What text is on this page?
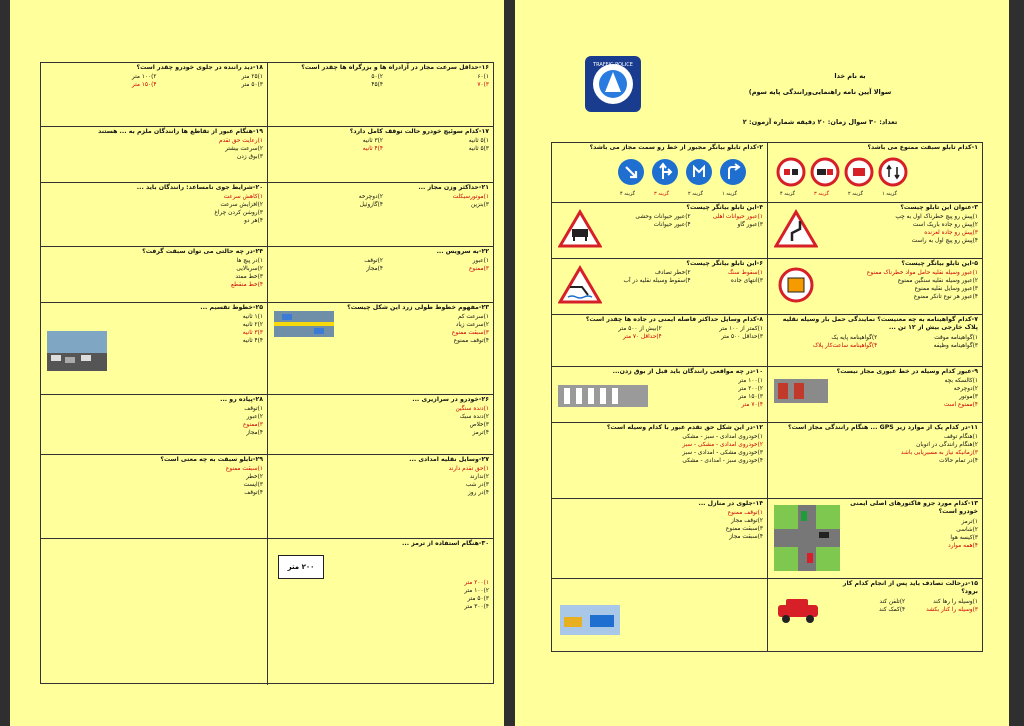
TRAFFIC POLICE
به نام خدا
سوالا آیین نامه راهنمایی‌ورانندگی پایه سوم)
تعداد: ۳۰ سوال زمان: ۲۰ دقیقه شماره آزمون: ۲

۱-کدام تابلو سبقت ممنوع می باشد؟

گزینه ۴	گزینه ۳	گزینه ۲	گزینه ۱

۲-کدام تابلو بیانگر مجبور از خط رو سمت مجاز می باشد؟

گزینه ۴	گزینه ۳	گزینه ۲	گزینه ۱

۳-عنوان این تابلو چیست؟

۱)پیش رو پیچ خطرناک اول به چپ
۲)پیش رو جاده باریک است
۳)پیش رو جاده لغزنده
۴)پیش رو پیچ اول به راست

۴-این تابلو بیانگر چیست؟

۱)عبور حیوانات اهلی ۲)عبور حیوانات وحشی ۳)عبور گاو ۴)عبور حیوانات

۵-این تابلو بیانگر چیست؟

۱)عبور وسیله نقلیه حامل مواد خطرناک ممنوع
۲)عبور وسیله نقلیه سنگین ممنوع
۳)عبور وسایل نقلیه ممنوع
۴)عبور هر نوع تانکر ممنوع

۶-این تابلو بیانگر چیست؟

۱)سقوط سنگ ۲)خطر تصادف ۳)انتهای جاده ۴)سقوط وسیله نقلیه در آب

۷-کدام گواهینامه به چه معنیست؟ نمایندگی حمل بار وسیله نقلیه پلاک خارجی بیش از ۱۲ تن ...

۱)گواهینامه موقت ۲)گواهینامه پایه یک ۳)گواهینامه وظیفه ۴)گواهینامه ساعت‌کار پلاک

۸-کدام وسایل حداکثر فاصله ایمنی در جاده ها چقدر است؟

۱)کمتر از ۱۰۰ متر ۲)بیش از ۵۰۰ متر ۳)حداقل ۵۰۰ متر ۴)حداقل ۷۰ متر

۹-عبور کدام وسیله در خط عبوری مجاز نیست؟

۱)کالسکه بچه
۲)دوچرخه
۳)موتور
۴)ممنوع است

۱۰-در چه مواقعی رانندگان باید قبل از بوق زدن...

۱)۱۰۰ متر
۲)۲۰۰ متر
۳)۱۵۰ متر
۴)۷۰ متر

۱۱-در کدام یک از موارد زیر GPS ... هنگام رانندگی مجاز است؟

۱)هنگام توقف
۲)هنگام رانندگی در اتوبان
۳)زمانیکه نیاز به مسیریابی باشد
۴)در تمام حالات

۱۲-در این شکل حق تقدم عبور با کدام وسیله است؟

۱)خودروی امدادی - سبز - مشکی
۲)خودروی امدادی - مشکی - سبز
۳)خودروی مشکی - امدادی - سبز
۴)خودروی سبز - امدادی - مشکی

۱۳-کدام مورد جزو فاکتورهای اصلی ایمنی خودرو است؟

۱)ترمز
۲)شاسی
۳)کیسه هوا
۴)همه موارد

۱۴-جلوی در منازل ...

۱)توقف ممنوع
۲)توقف مجاز
۳)سبقت ممنوع
۴)سبقت مجاز

۱۵-درحالت تصادف باید پس از انجام کدام کار برود؟

۱)وسیله را رها کند ۲)تلفن کند ۳)وسیله را کنار بکشد ۴)کمک کند

۱۶-حداقل سرعت مجاز در آزادراه ها و بزرگراه ها چقدر است؟

۱)۶۰ ۲)۵۰ ۳)۷۰ ۴)۴۵

۱۸-دید راننده در جلوی خودرو چقدر است؟

۱)۲۵ متر ۲)۱۰۰ متر ۳)۵۰ متر ۴)۱۵۰ متر

۱۷-کدام سوئیچ خودرو حالت توقف کامل دارد؟

۱)۵ ثانیه ۲)۳ ثانیه ۳)۵ ثانیه ۴)۴ ثانیه

۱۹-هنگام عبور از تقاطع ها رانندگان ملزم به ... هستند

۱)رعایت حق تقدم
۲)سرعت بیشتر
۳)بوق زدن

۲۱-حداکثر وزن مجاز ...

۱)موتورسیکلت ۲)دوچرخه ۳)بنزین ۴)گازوئیل

۲۰-شرایط جوی نامساعد: رانندگان باید ...

۱)کاهش سرعت
۲)افزایش سرعت
۳)روشن کردن چراغ
۴)هر دو

۲۲-به سرویس ...

۱)عبور ۲)توقف ۳)ممنوع ۴)مجاز

۲۴-در چه حالتی می توان سبقت گرفت؟

۱)در پیچ ها
۲)سربالایی
۳)خط ممتد
۴)خط منقطع

۲۳-مفهوم خطوط طولی زرد این شکل چیست؟

۱)سرعت کم
۲)سرعت زیاد
۳)سبقت ممنوع
۴)توقف ممنوع

۲۵-خطوط تقسیم ...

۱)۱ ثانیه
۲)۲ ثانیه
۳)۳ ثانیه
۴)۴ ثانیه

۲۶-خودرو در سرازیری ...

۱)دنده سنگین
۲)دنده سبک
۳)خلاص
۴)ترمز

۲۸-پیاده رو ...

۱)توقف
۲)عبور
۳)ممنوع
۴)مجاز

۲۷-وسایل نقلیه امدادی ...

۱)حق تقدم دارند
۲)ندارند
۳)در شب
۴)در روز

۲۹-تابلو سبقت به چه معنی است؟

۱)سبقت ممنوع
۲)خطر
۳)ایست
۴)توقف

۳۰-هنگام استفاده از ترمز ...

۲۰۰ متر
۱)۲۰۰ متر
۲)۱۰۰ متر
۳)۵۰ متر
۴)۳۰۰ متر
